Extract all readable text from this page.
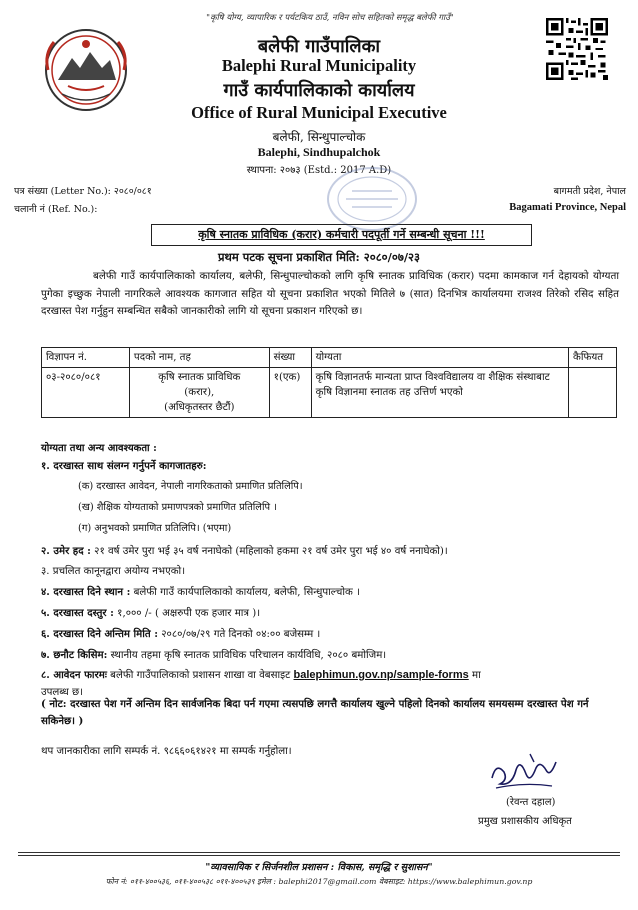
"कृषि योग्य, व्यापारिक र पर्यटकिय ठाउँ, नविन सोच सहितको समृद्ध बलेफी गाउँ"
बलेफी गाउँपालिका
Balephi Rural Municipality
गाउँ कार्यपालिकाको कार्यालय
Office of Rural Municipal Executive
बलेफी, सिन्धुपाल्चोक
Balephi, Sindhupalchok
स्थापना: २०७३ (Estd.: 2017 A.D)
पत्र संख्या (Letter No.): २०८०/०८१
चलानी नं (Ref. No.):
बागमती प्रदेश, नेपाल
Bagamati Province, Nepal
कृषि स्नातक प्राविधिक (करार) कर्मचारी पदपूर्ती गर्ने सम्बन्धी सूचना !!!
प्रथम पटक सूचना प्रकाशित मिति: २०८०/०७/२३

बलेफी गाउँ कार्यपालिकाको कार्यालय, बलेफी, सिन्धुपाल्चोकको लागि कृषि स्नातक प्राविधिक (करार) पदमा कामकाज गर्न देहायको योग्यता पुगेका इच्छुक नेपाली नागरिकले आवश्यक कागजात सहित यो सूचना प्रकाशित भएको मितिले ७ (सात) दिनभित्र कार्यालयमा राजश्व तिरेको रसिद सहित दरखास्त पेश गर्नुहुन सम्बन्धित सबैको जानकारीको लागि यो सूचना प्रकाशन गरिएको छ।

विज्ञापन नं.	पदको नाम, तह	संख्या	योग्यता	कैफियत
०३-२०८०/०८१	कृषि स्नातक प्राविधिक
(करार),
(अधिकृतस्तर छैटौं)	१(एक)	कृषि विज्ञानतर्फ मान्यता प्राप्त विश्वविद्यालय वा शैक्षिक संस्थाबाट कृषि विज्ञानमा स्नातक तह उत्तिर्ण भएको	
योग्यता तथा अन्य आवश्यकता :
१. दरखास्त साथ संलग्न गर्नुपर्ने कागजातहरु:
(क) दरखास्त आवेदन, नेपाली नागरिकताको प्रमाणित प्रतिलिपि।
(ख) शैक्षिक योग्यताको प्रमाणपत्रको प्रमाणित प्रतिलिपि ।
(ग) अनुभवको प्रमाणित प्रतिलिपि। (भएमा)
२. उमेर हद : २१ वर्ष उमेर पुरा भई ३५ वर्ष ननाघेको (महिलाको हकमा २१ वर्ष उमेर पुरा भई ४० वर्ष ननाघेको)।
३. प्रचलित कानूनद्वारा अयोग्य नभएको।
४. दरखास्त दिने स्थान : बलेफी गाउँ कार्यपालिकाको कार्यालय, बलेफी, सिन्धुपाल्चोक ।
५. दरखास्त दस्तुर : १,००० /- ( अक्षरुपी एक हजार मात्र )।
६. दरखास्त दिने अन्तिम मिति : २०८०/०७/२९ गते दिनको ०४:०० बजेसम्म ।
७. छनौट किसिम: स्थानीय तहमा कृषि स्नातक प्राविधिक परिचालन कार्यविधि, २०८० बमोजिम।
८. आवेदन फारमः बलेफी गाउँपालिकाको प्रशासन शाखा वा वेबसाइट balephimun.gov.np/sample-forms मा
उपलब्ध छ।

( नोट: दरखास्त पेश गर्ने अन्तिम दिन सार्वजनिक बिदा पर्न गएमा त्यसपछि लगत्तै कार्यालय खुल्ने पहिलो दिनको कार्यालय समयसम्म दरखास्त पेश गर्न सकिनेछ। )

थप जानकारीका लागि सम्पर्क नं. ९८६६०६१४२१ मा सम्पर्क गर्नुहोला।
(रेवन्त दहाल)
प्रमुख प्रशासकीय अधिकृत
"व्यावसायिक र सिर्जनशील प्रशासन : विकास, समृद्धि र सुशासन"
फोन नं: ०११-४००५३६, ०११-४००५३८ ०११-४००५३९ इमेल : balephi2017@gmail.com वेबसाइट: https://www.balephimun.gov.np
